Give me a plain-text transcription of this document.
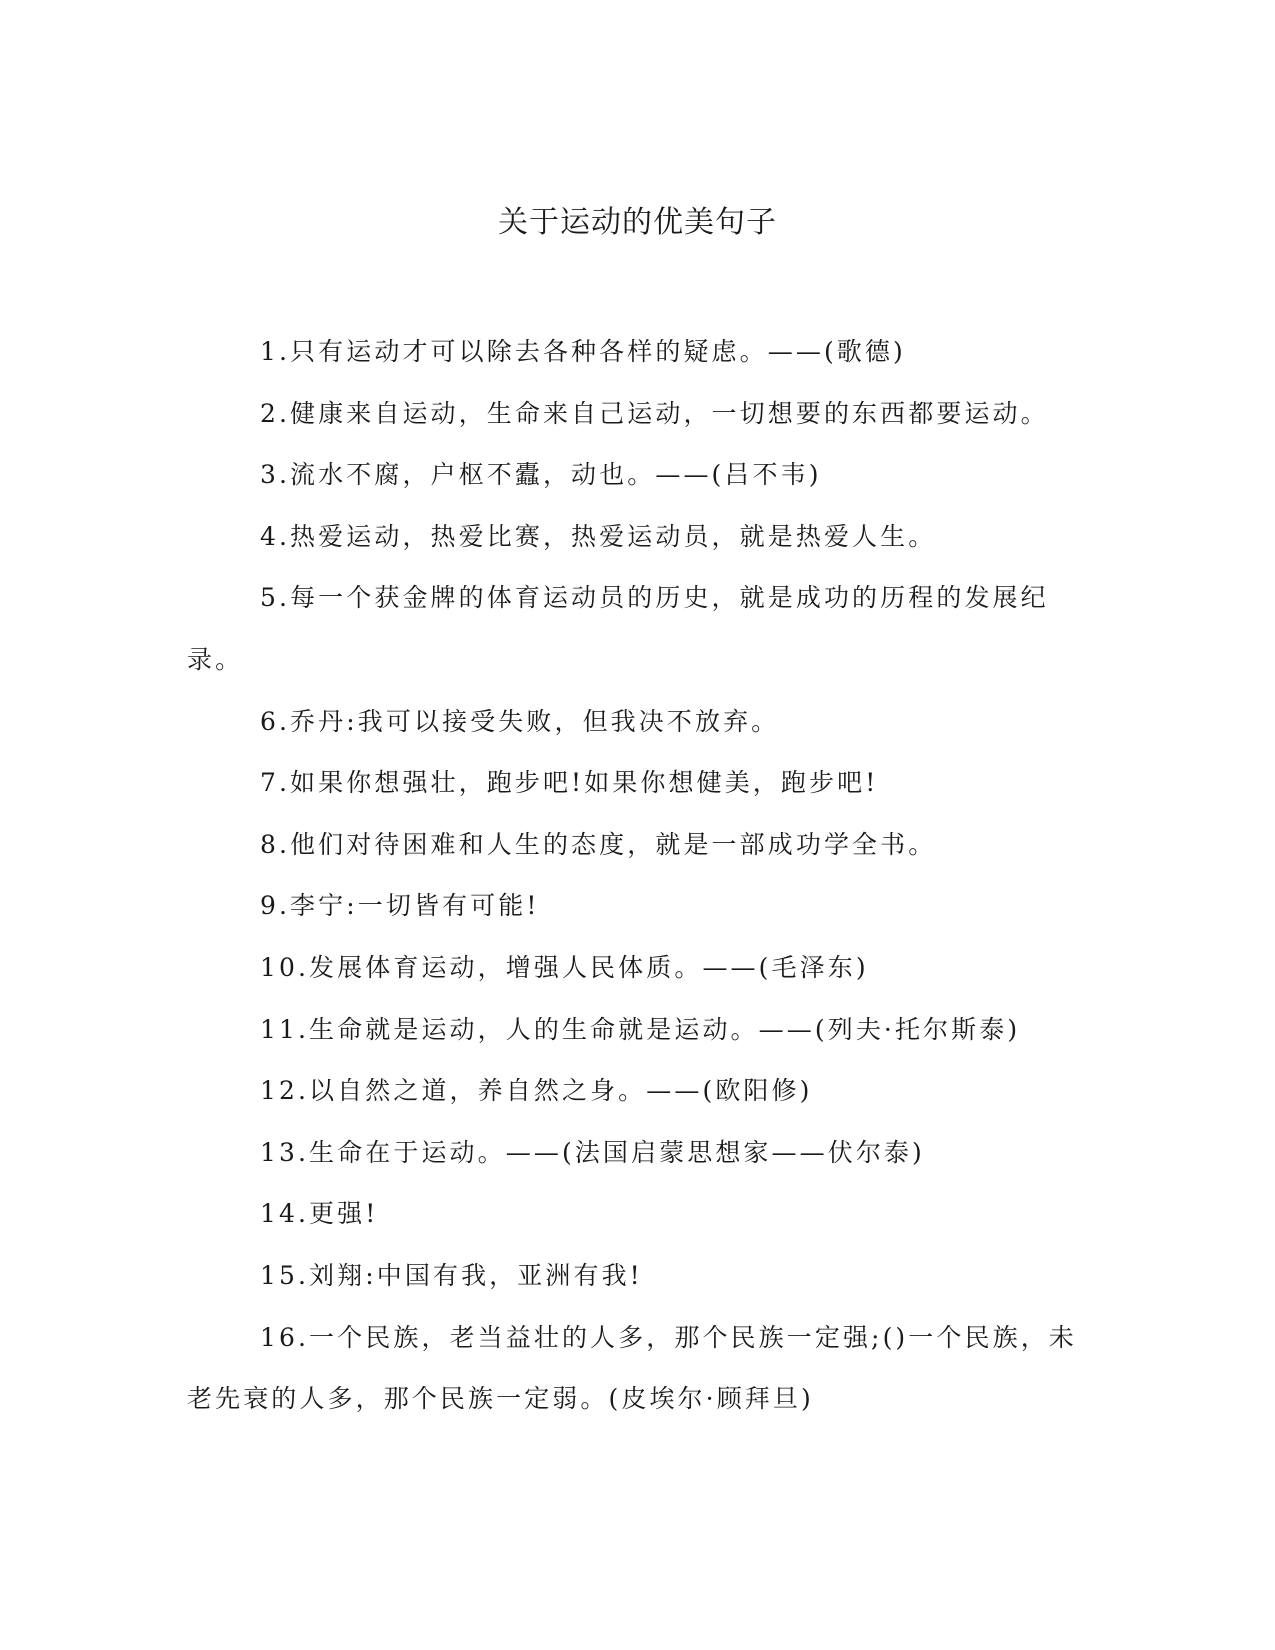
关于运动的优美句子

1.只有运动才可以除去各种各样的疑虑。——(歌德)

2.健康来自运动，生命来自己运动，一切想要的东西都要运动。

3.流水不腐，户枢不蠹，动也。——(吕不韦)

4.热爱运动，热爱比赛，热爱运动员，就是热爱人生。

5.每一个获金牌的体育运动员的历史，就是成功的历程的发展纪录。

6.乔丹:我可以接受失败，但我决不放弃。

7.如果你想强壮，跑步吧!如果你想健美，跑步吧!

8.他们对待困难和人生的态度，就是一部成功学全书。

9.李宁:一切皆有可能!

10.发展体育运动，增强人民体质。——(毛泽东)

11.生命就是运动，人的生命就是运动。——(列夫·托尔斯泰)

12.以自然之道，养自然之身。——(欧阳修)

13.生命在于运动。——(法国启蒙思想家——伏尔泰)

14.更强!

15.刘翔:中国有我，亚洲有我!

16.一个民族，老当益壮的人多，那个民族一定强;()一个民族，未老先衰的人多，那个民族一定弱。(皮埃尔·顾拜旦)
